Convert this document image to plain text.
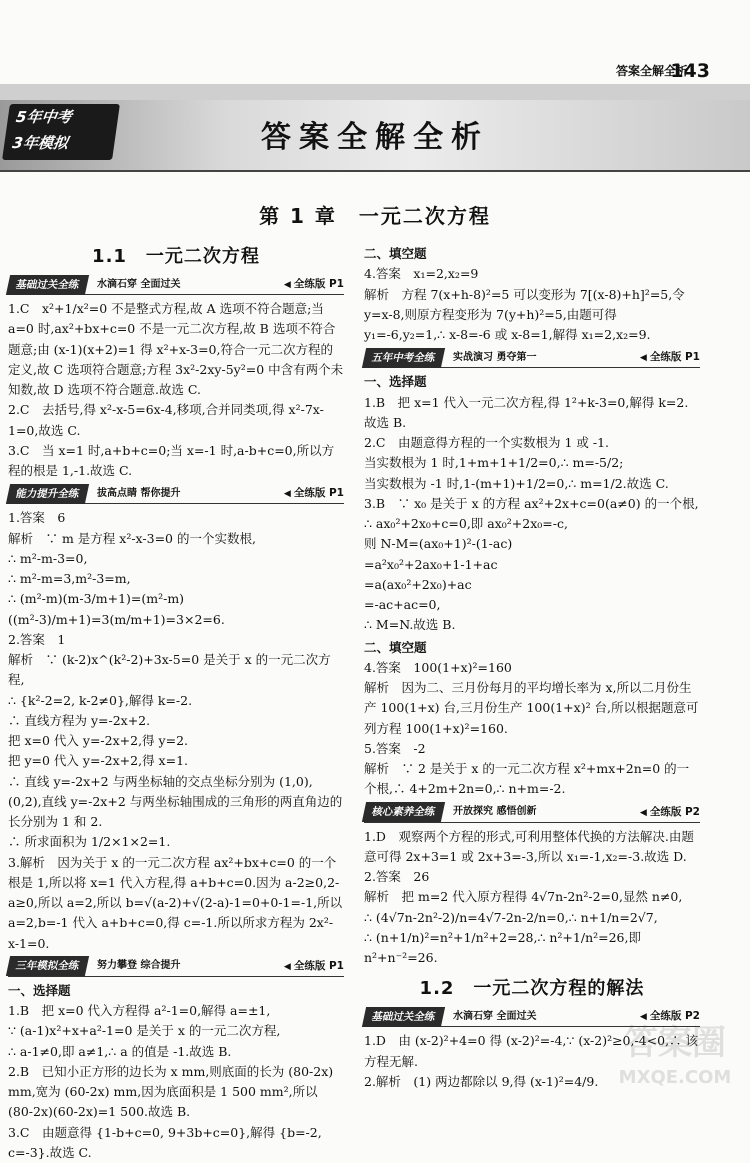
答案全解全析
143
答案全解全析
5年中考
3年模拟
第 1 章　一元二次方程
1.1　一元二次方程
基础过关全练	水滴石穿 全面过关	◀ 全练版 P1

1.C　x²+1/x²=0 不是整式方程,故 A 选项不符合题意;当 a=0 时,ax²+bx+c=0 不是一元二次方程,故 B 选项不符合题意;由 (x-1)(x+2)=1 得 x²+x-3=0,符合一元二次方程的定义,故 C 选项符合题意;方程 3x²-2xy-5y²=0 中含有两个未知数,故 D 选项不符合题意.故选 C.

2.C　去括号,得 x²-x-5=6x-4,移项,合并同类项,得 x²-7x-1=0,故选 C.

3.C　当 x=1 时,a+b+c=0;当 x=-1 时,a-b+c=0,所以方程的根是 1,-1.故选 C.

能力提升全练	拔高点睛 帮你提升	◀ 全练版 P1

1.答案　6

解析　∵ m 是方程 x²-x-3=0 的一个实数根,

∴ m²-m-3=0,

∴ m²-m=3,m²-3=m,

∴ (m²-m)(m-3/m+1)=(m²-m)((m²-3)/m+1)=3(m/m+1)=3×2=6.

2.答案　1

解析　∵ (k-2)x^(k²-2)+3x-5=0 是关于 x 的一元二次方程,

∴ {k²-2=2, k-2≠0},解得 k=-2.

∴ 直线方程为 y=-2x+2.

把 x=0 代入 y=-2x+2,得 y=2.

把 y=0 代入 y=-2x+2,得 x=1.

∴ 直线 y=-2x+2 与两坐标轴的交点坐标分别为 (1,0),(0,2),直线 y=-2x+2 与两坐标轴围成的三角形的两直角边的长分别为 1 和 2.

∴ 所求面积为 1/2×1×2=1.

3.解析　因为关于 x 的一元二次方程 ax²+bx+c=0 的一个根是 1,所以将 x=1 代入方程,得 a+b+c=0.因为 a-2≥0,2-a≥0,所以 a=2,所以 b=√(a-2)+√(2-a)-1=0+0-1=-1,所以 a=2,b=-1 代入 a+b+c=0,得 c=-1.所以所求方程为 2x²-x-1=0.

三年模拟全练	努力攀登 综合提升	◀ 全练版 P1

一、选择题

1.B　把 x=0 代入方程得 a²-1=0,解得 a=±1,

∵ (a-1)x²+x+a²-1=0 是关于 x 的一元二次方程,

∴ a-1≠0,即 a≠1,∴ a 的值是 -1.故选 B.

2.B　已知小正方形的边长为 x mm,则底面的长为 (80-2x) mm,宽为 (60-2x) mm,因为底面积是 1 500 mm²,所以 (80-2x)(60-2x)=1 500.故选 B.

3.C　由题意得 {1-b+c=0, 9+3b+c=0},解得 {b=-2, c=-3}.故选 C.

二、填空题

4.答案　x₁=2,x₂=9

解析　方程 7(x+h-8)²=5 可以变形为 7[(x-8)+h]²=5,令 y=x-8,则原方程变形为 7(y+h)²=5,由题可得 y₁=-6,y₂=1,∴ x-8=-6 或 x-8=1,解得 x₁=2,x₂=9.

五年中考全练	实战演习 勇夺第一	◀ 全练版 P1

一、选择题

1.B　把 x=1 代入一元二次方程,得 1²+k-3=0,解得 k=2.故选 B.

2.C　由题意得方程的一个实数根为 1 或 -1.

当实数根为 1 时,1+m+1+1/2=0,∴ m=-5/2;

当实数根为 -1 时,1-(m+1)+1/2=0,∴ m=1/2.故选 C.

3.B　∵ x₀ 是关于 x 的方程 ax²+2x+c=0(a≠0) 的一个根,

∴ ax₀²+2x₀+c=0,即 ax₀²+2x₀=-c,

则 N-M=(ax₀+1)²-(1-ac)

=a²x₀²+2ax₀+1-1+ac

=a(ax₀²+2x₀)+ac

=-ac+ac=0,

∴ M=N.故选 B.

二、填空题

4.答案　100(1+x)²=160

解析　因为二、三月份每月的平均增长率为 x,所以二月份生产 100(1+x) 台,三月份生产 100(1+x)² 台,所以根据题意可列方程 100(1+x)²=160.

5.答案　-2

解析　∵ 2 是关于 x 的一元二次方程 x²+mx+2n=0 的一个根,∴ 4+2m+2n=0,∴ n+m=-2.

核心素养全练	开放探究 感悟创新	◀ 全练版 P2

1.D　观察两个方程的形式,可利用整体代换的方法解决.由题意可得 2x+3=1 或 2x+3=-3,所以 x₁=-1,x₂=-3.故选 D.

2.答案　26

解析　把 m=2 代入原方程得 4√7n-2n²-2=0,显然 n≠0,

∴ (4√7n-2n²-2)/n=4√7-2n-2/n=0,∴ n+1/n=2√7,

∴ (n+1/n)²=n²+1/n²+2=28,∴ n²+1/n²=26,即 n²+n⁻²=26.

1.2　一元二次方程的解法
基础过关全练	水滴石穿 全面过关	◀ 全练版 P2

1.D　由 (x-2)²+4=0 得 (x-2)²=-4,∵ (x-2)²≥0,-4<0,∴ 该方程无解.

2.解析　(1) 两边都除以 9,得 (x-1)²=4/9.

答案圈
MXQE.COM
